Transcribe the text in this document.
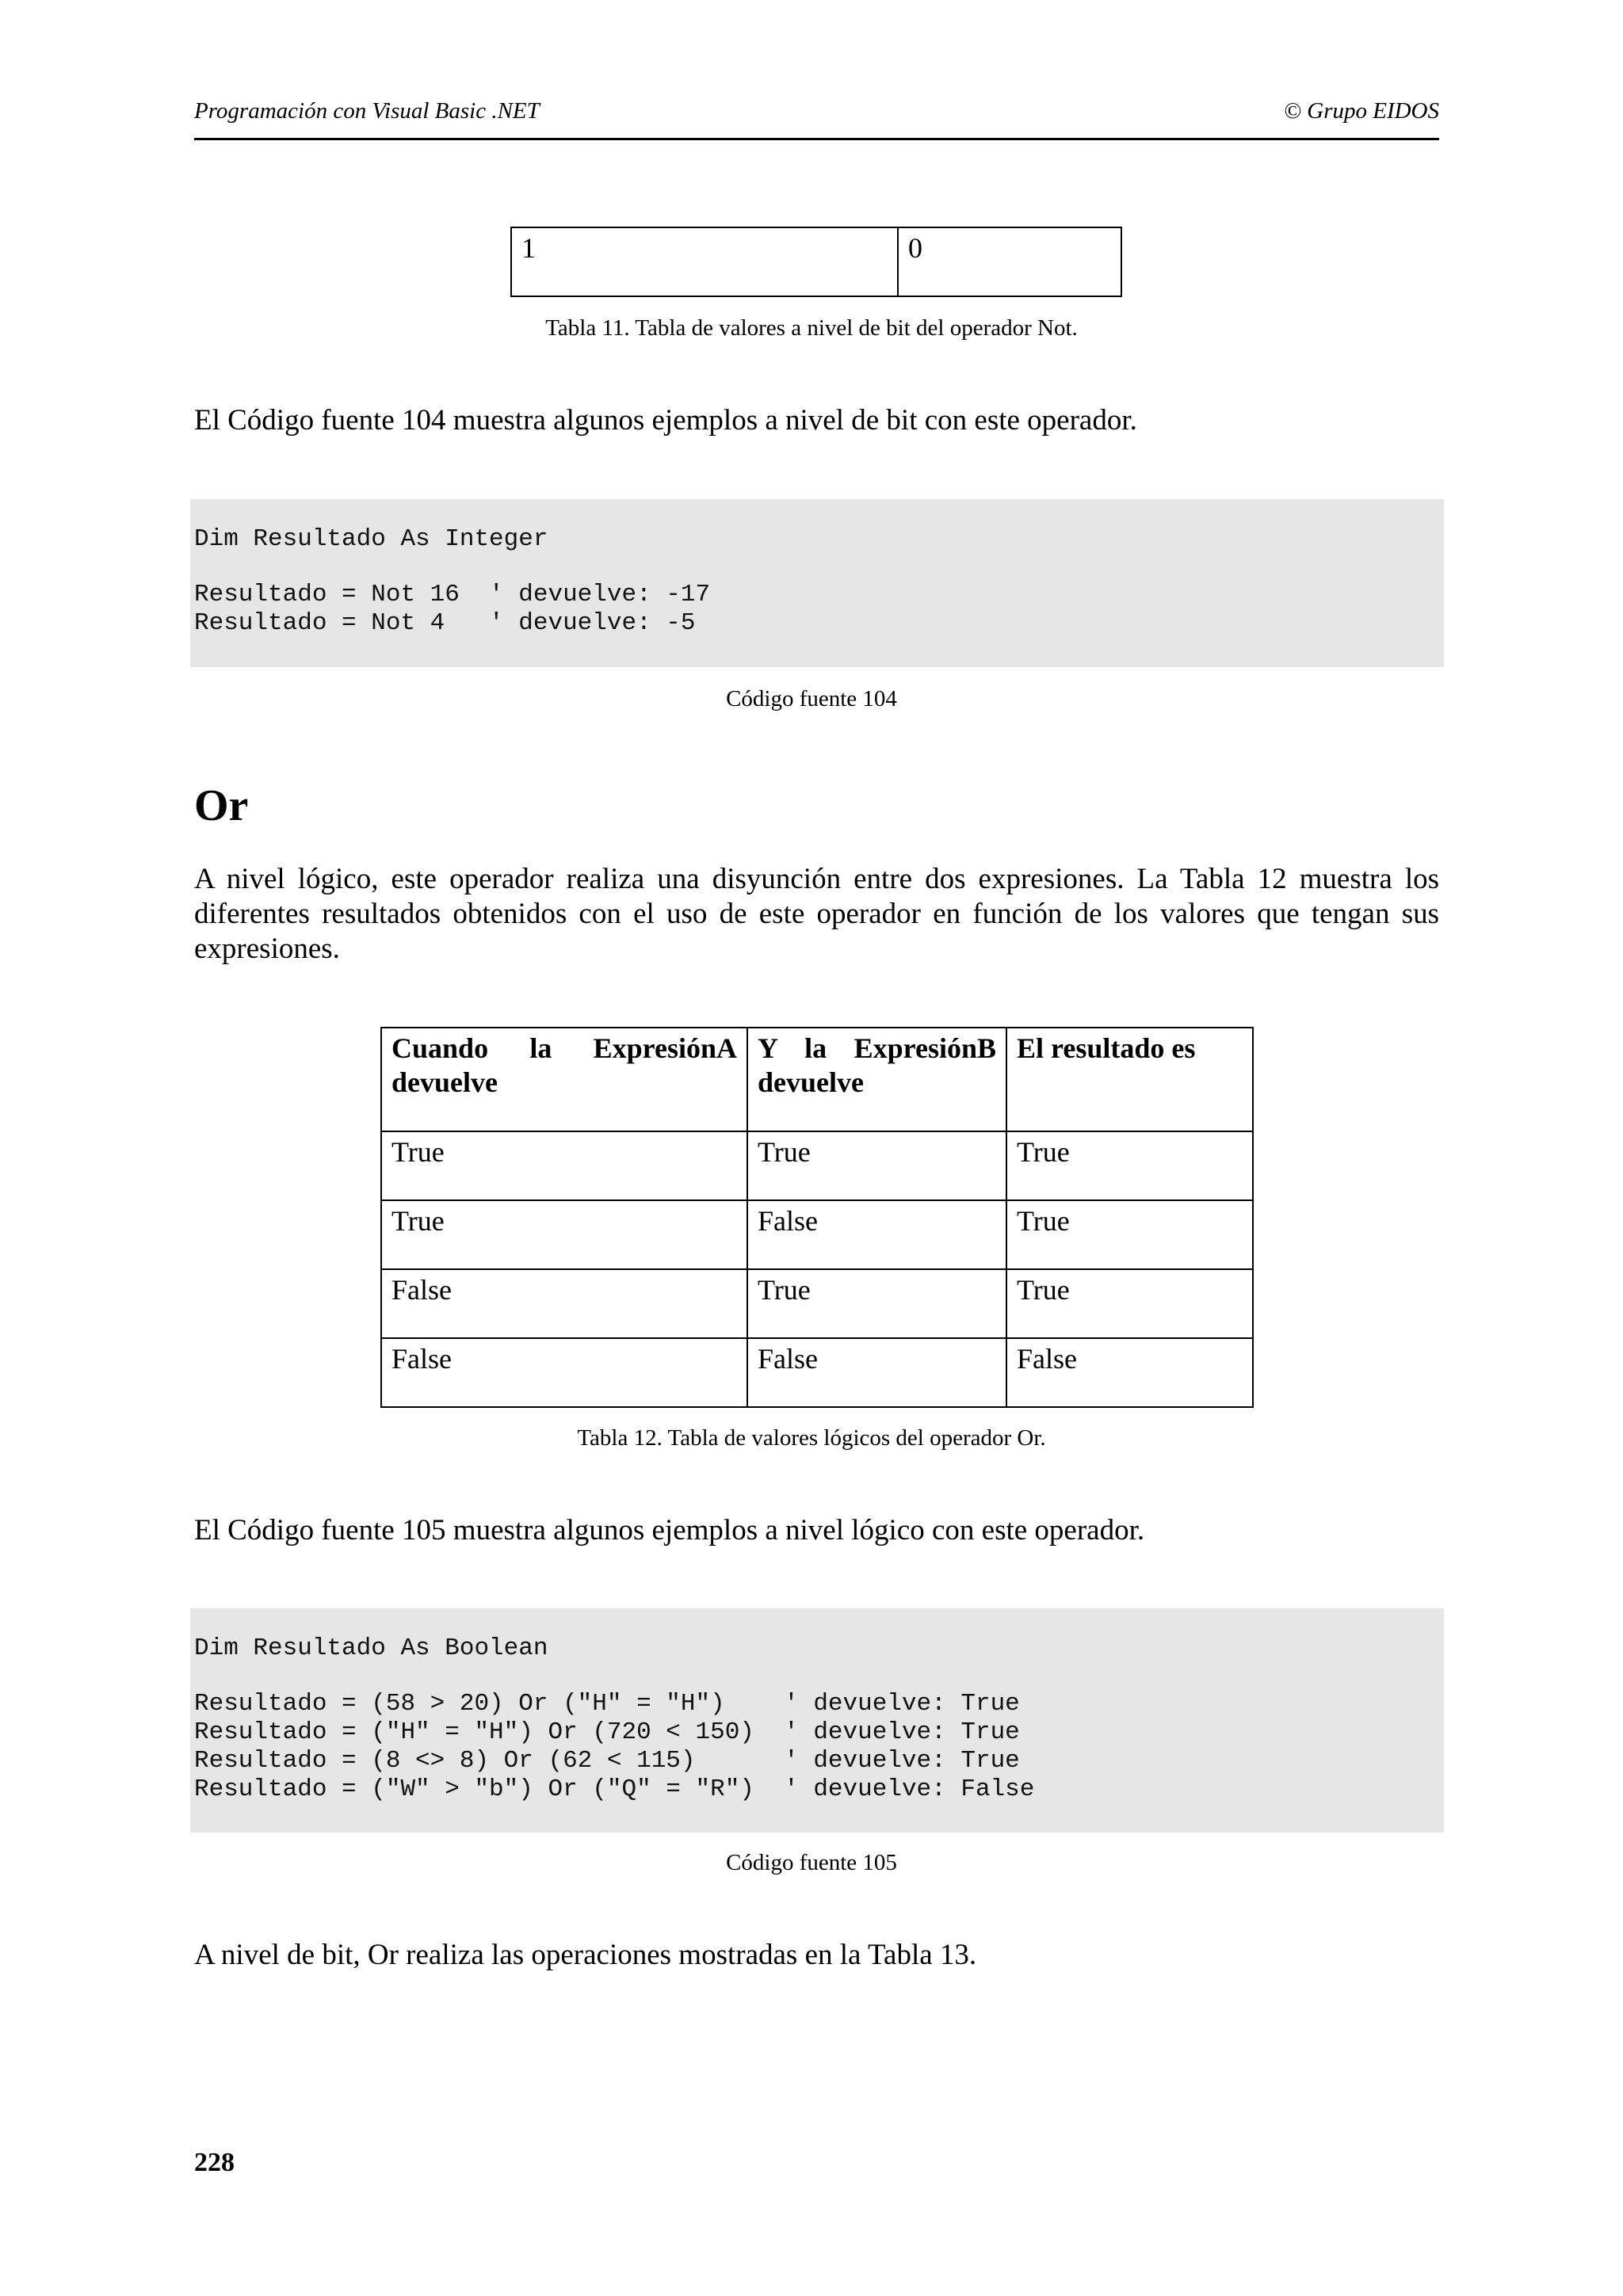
Programación con Visual Basic .NET	© Grupo EIDOS
1	0
Tabla 11. Tabla de valores a nivel de bit del operador Not.
El Código fuente 104 muestra algunos ejemplos a nivel de bit con este operador.
Dim Resultado As Integer
Resultado = Not 16  ' devuelve: -17
Resultado = Not 4   ' devuelve: -5
Código fuente 104
Or
A nivel lógico, este operador realiza una disyunción entre dos expresiones. La Tabla 12 muestra los diferentes resultados obtenidos con el uso de este operador en función de los valores que tengan sus expresiones.
Cuando la ExpresiónA devuelve	Y la ExpresiónB devuelve	El resultado es
True	True	True
True	False	True
False	True	True
False	False	False
Tabla 12. Tabla de valores lógicos del operador Or.
El Código fuente 105 muestra algunos ejemplos a nivel lógico con este operador.
Dim Resultado As Boolean
Resultado = (58 > 20) Or ("H" = "H")    ' devuelve: True
Resultado = ("H" = "H") Or (720 < 150)  ' devuelve: True
Resultado = (8 <> 8) Or (62 < 115)      ' devuelve: True
Resultado = ("W" > "b") Or ("Q" = "R")  ' devuelve: False
Código fuente 105
A nivel de bit, Or realiza las operaciones mostradas en la Tabla 13.
228
